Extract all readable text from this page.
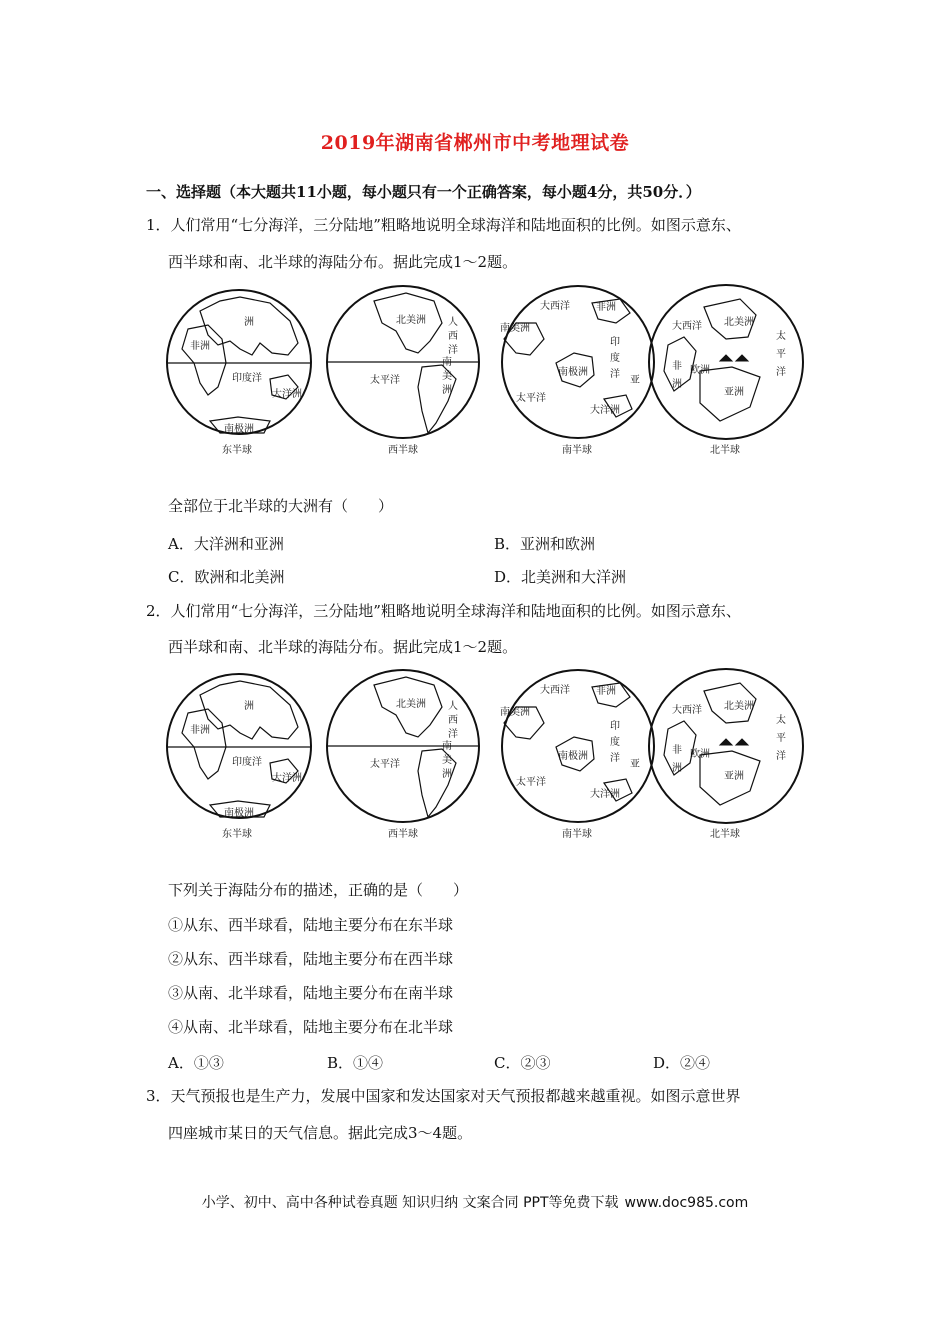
2019年湖南省郴州市中考地理试卷
一、选择题（本大题共11小题，每小题只有一个正确答案，每小题4分，共50分．）
1．人们常用“七分海洋，三分陆地”粗略地说明全球海洋和陆地面积的比例。如图示意东、
西半球和南、北半球的海陆分布。据此完成1～2题。
洲
非洲
印度洋
大洋洲
南极洲
东半球
北美洲 人
西
洋
太平洋
南
美
洲
西半球
大西洋	非洲
南美洲
南极洲
印
度
洋
太平洋
大洋洲
亚
南半球
大西洋 北美洲
太
平
洋
非
洲
欧洲
亚洲
北半球
全部位于北半球的大洲有（　　）
A．大洋洲和亚洲	B．亚洲和欧洲
C．欧洲和北美洲	D．北美洲和大洋洲
2．人们常用“七分海洋，三分陆地”粗略地说明全球海洋和陆地面积的比例。如图示意东、
西半球和南、北半球的海陆分布。据此完成1～2题。
洲
非洲
印度洋
大洋洲
南极洲
东半球
北美洲 人
西
洋
太平洋
南
美
洲
西半球
大西洋	非洲
南美洲
南极洲
印
度
洋
太平洋
大洋洲
亚
南半球
大西洋 北美洲
太
平
洋
非
洲
欧洲
亚洲
北半球
下列关于海陆分布的描述，正确的是（　　）
①从东、西半球看，陆地主要分布在东半球
②从东、西半球看，陆地主要分布在西半球
③从南、北半球看，陆地主要分布在南半球
④从南、北半球看，陆地主要分布在北半球
A．①③	B．①④	C．②③	D．②④
3．天气预报也是生产力，发展中国家和发达国家对天气预报都越来越重视。如图示意世界
四座城市某日的天气信息。据此完成3～4题。
小学、初中、高中各种试卷真题 知识归纳 文案合同 PPT等免费下载 www.doc985.com
